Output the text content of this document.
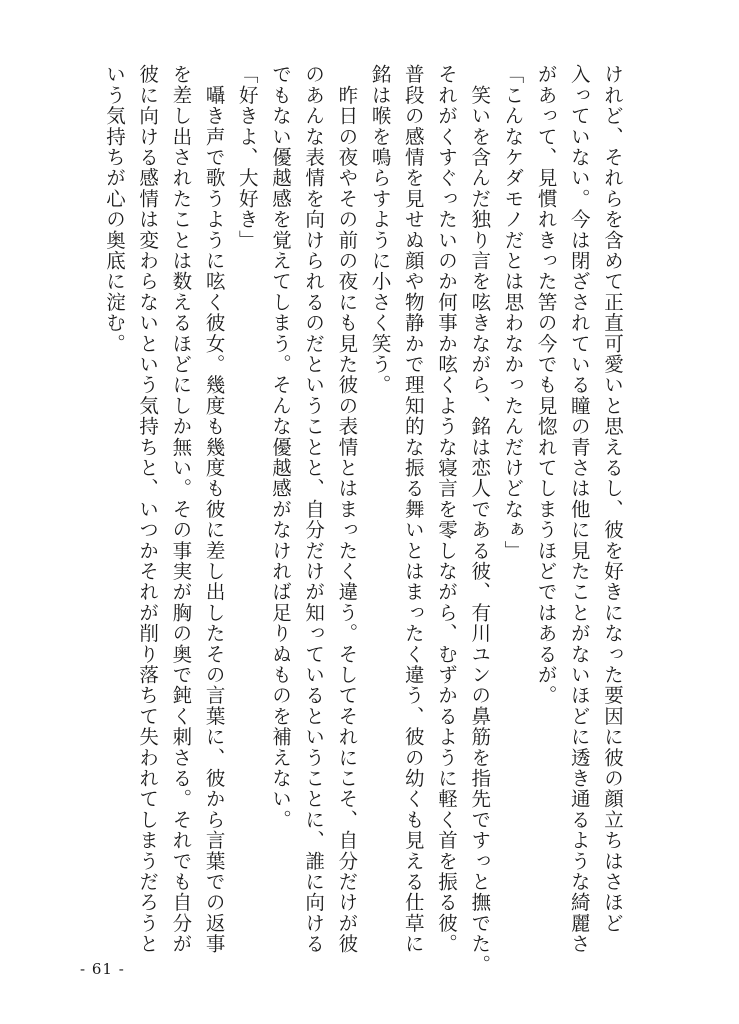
けれど、それらを含めて正直可愛いと思えるし、彼を好きになった要因に彼の顔立ちはさほど
入っていない。今は閉ざされている瞳の青さは他に見たことがないほどに透き通るような綺麗さ
があって、見慣れきった筈の今でも見惚れてしまうほどではあるが。
「こんなケダモノだとは思わなかったんだけどなぁ」
　笑いを含んだ独り言を呟きながら、銘は恋人である彼、有川ユンの鼻筋を指先ですっと撫でた。
それがくすぐったいのか何事か呟くような寝言を零しながら、むずかるように軽く首を振る彼。
普段の感情を見せぬ顔や物静かで理知的な振る舞いとはまったく違う、彼の幼くも見える仕草に
銘は喉を鳴らすように小さく笑う。
　昨日の夜やその前の夜にも見た彼の表情とはまったく違う。そしてそれにこそ、自分だけが彼
のあんな表情を向けられるのだということと、自分だけが知っているということに、誰に向ける
でもない優越感を覚えてしまう。そんな優越感がなければ足りぬものを補えない。
「好きよ、大好き」
　囁き声で歌うように呟く彼女。幾度も幾度も彼に差し出したその言葉に、彼から言葉での返事
を差し出されたことは数えるほどにしか無い。その事実が胸の奥で鈍く刺さる。それでも自分が
彼に向ける感情は変わらないという気持ちと、いつかそれが削り落ちて失われてしまうだろうと
いう気持ちが心の奥底に淀む。
- 61 -
